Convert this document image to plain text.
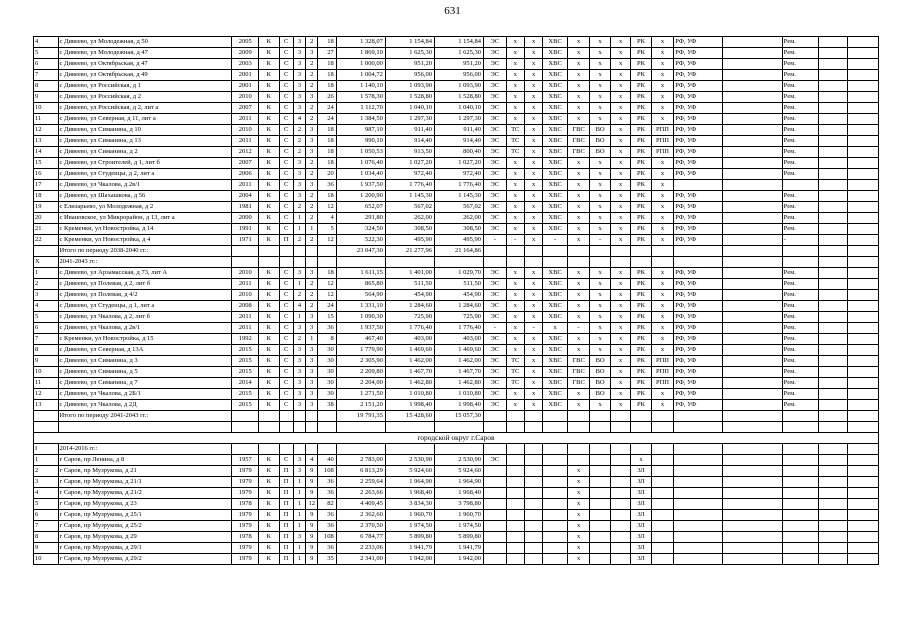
631
4	с Дивеево, ул Молодежная, д 50	2005	К	С	3	2	18	1 328,07	1 154,84	1 154,84	ЭС	х	х	ХВС	х	х	х	РК	х	РФ, УФ		Рем.		
5	с Дивеево, ул Молодежная, д 47	2009	К	С	3	3	27	1 869,10	1 625,30	1 625,30	ЭС	х	х	ХВС	х	х	х	РК	х	РФ, УФ		Рем.		
6	с Дивеево, ул Октябрьская, д 47	2003	К	С	3	2	18	1 000,00	951,20	951,20	ЭС	х	х	ХВС	х	х	х	РК	х	РФ, УФ		Рем.		
7	с Дивеево, ул Октябрьская, д 49	2001	К	С	3	2	18	1 004,72	956,00	956,00	ЭС	х	х	ХВС	х	х	х	РК	х	РФ, УФ		Рем.		
8	с Дивеево, ул Российская, д 1	2001	К	С	3	2	18	1 140,10	1 093,90	1 093,90	ЭС	х	х	ХВС	х	х	х	РК	х	РФ, УФ		Рем.		
9	с Дивеево, ул Российская, д 2	2010	К	С	3	3	26	1 578,30	1 528,80	1 528,80	ЭС	х	х	ХВС	х	х	х	РК	х	РФ, УФ		Рем.		
10	с Дивеево, ул Российская, д 2, лит а	2007	К	С	3	2	24	1 112,70	1 040,10	1 040,10	ЭС	х	х	ХВС	х	х	х	РК	х	РФ, УФ		Рем.		
11	с Дивеево, ул Северная, д 11, лит а	2011	К	С	4	2	24	1 384,50	1 297,30	1 297,30	ЭС	х	х	ХВС	х	х	х	РК	х	РФ, УФ		Рем.		
12	с Дивеево, ул Симанина, д 10	2010	К	С	2	3	18	987,10	911,40	911,40	ЭС	ТС	х	ХВС	ГВС	ВО	х	РК	РПП	РФ, УФ		Рем.		
13	с Дивеево, ул Симанина, д 13	2011	К	С	2	3	18	990,10	914,40	914,40	ЭС	ТС	х	ХВС	ГВС	ВО	х	РК	РПП	РФ, УФ		Рем.		
14	с Дивеево, ул Симанина, д 2	2012	К	С	2	3	18	1 050,53	913,50	800,40	ЭС	ТС	х	ХВС	ГВС	ВО	х	РК	РПП	РФ, УФ		Рем.		
15	с Дивеево, ул Строителей, д 1, лит б	2007	К	С	3	2	18	1 076,40	1 027,20	1 027,20	ЭС	х	х	ХВС	х	х	х	РК	х	РФ, УФ		Рем.		
16	с Дивеево, ул Студенцы, д 2, лит а	2006	К	С	3	2	20	1 034,40	972,40	972,40	ЭС	х	х	ХВС	х	х	х	РК	х	РФ, УФ		Рем.		
17	с Дивеево, ул Чкалова, д 2в/1	2011	К	С	3	3	36	1 937,50	1 776,40	1 776,40	ЭС	х	х	ХВС	х	х	х	РК	х					
18	с Дивеево, ул Шахашкова, д 56	2004	К	С	3	2	18	1 200,90	1 145,30	1 145,30	ЭС	х	х	ХВС	х	х	х	РК	х	РФ, УФ		Рем.		
19	с Елизарьево, ул Молодежная, д 2	1981	К	С	2	2	12	652,07	567,02	567,02	ЭС	х	х	ХВС	х	х	х	РК	х	РФ, УФ		Рем.		
20	с Ивановское, ул Микрорайон, д 13, лит а	2000	К	С	1	2	4	291,80	262,00	262,00	ЭС	х	х	ХВС	х	х	х	РК	х	РФ, УФ		Рем.		
21	с Кременки, ул Новостройка, д 14	1991	К	С	1	1	5	324,50	308,50	308,50	ЭС	х	х	ХВС	х	х	х	РК	х	РФ, УФ		Рем.		
22	с Кременки, ул Новостройка, д 4	1971	К	П	2	2	12	522,30	495,90	495,90	-	-	х	-	х	-	х	РК	х	РФ, УФ		-		
	Итого по периоду 2038-2040 гг.:							23 047,30	21 277,96	21 164,86														
Х	2041-2043 гг.:																							
1	с Дивеево, ул Арзамасская, д 73, лит А	2010	К	С	3	3	18	1 611,15	1 401,00	1 029,70	ЭС	х	х	ХВС	х	х	х	РК	х	РФ, УФ		Рем.		
2	с Дивеево, ул Полевая, д 2, лит б	2011	К	С	1	2	12	865,80	511,50	511,50	ЭС	х	х	ХВС	х	х	х	РК	х	РФ, УФ		Рем.		
3	с Дивеево, ул Полевая, д 4/2	2010	К	С	2	2	12	564,90	454,90	454,90	ЭС	х	х	ХВС	х	х	х	РК	х	РФ, УФ		Рем.		
4	с Дивеево, ул Студенцы, д 1, лит а	2008	К	С	4	2	24	1 331,10	1 284,60	1 284,60	ЭС	х	х	ХВС	х	х	х	РК	х	РФ, УФ		Рем.		
5	с Дивеево, ул Чкалова, д 2, лит б	2011	К	С	1	3	15	1 090,30	725,90	725,90	ЭС	х	х	ХВС	х	х	х	РК	х	РФ, УФ		Рем.		
6	с Дивеево, ул Чкалова, д 2в/1	2011	К	С	3	3	36	1 937,50	1 776,40	1 776,40	-	х	-	х	-	х	х	РК	х	РФ, УФ		Рем.		
7	с Кременки, ул Новостройка, д 15	1992	К	С	2	1	8	467,40	403,00	403,00	ЭС	х	х	ХВС	х	х	х	РК	х	РФ, УФ		Рем.		
8	с Дивеево, ул Северная, д 13А	2015	К	С	3	3	30	1 779,90	1 469,60	1 469,60	ЭС	х	х	ХВС	х	х	х	РК	х	РФ, УФ		Рем.		
9	с Дивеево, ул Симанина, д 3	2015	К	С	3	3	30	2 305,90	1 462,00	1 462,00	ЭС	ТС	х	ХВС	ГВС	ВО	х	РК	РПП	РФ, УФ		Рем.		
10	с Дивеево, ул Симанина, д 5	2015	К	С	3	3	30	2 209,80	1 467,70	1 467,70	ЭС	ТС	х	ХВС	ГВС	ВО	х	РК	РПП	РФ, УФ		Рем.		
11	с Дивеево, ул Симанина, д 7	2014	К	С	3	3	30	2 204,00	1 462,80	1 462,80	ЭС	ТС	х	ХВС	ГВС	ВО	х	РК	РПП	РФ, УФ		Рем.		
12	с Дивеево, ул Чкалова, д 2Б/1	2015	К	С	3	3	30	1 271,50	1 010,80	1 010,80	ЭС	х	х	ХВС	х	ВО	х	РК	х	РФ, УФ		Рем.		
13	с Дивеево, ул Чкалова, д 2Д	2015	К	С	3	3	38	2 151,20	1 998,40	1 998,40	ЭС	х	х	ХВС	х	х	х	РК	х	РФ, УФ		Рем.		
	Итого по периоду 2041-2043 гг.:							19 791,35	15 428,60	15 057,30														

городской округ г.Саров																								
I	2014-2016 гг.:																							
1	г Саров, пр Ленина, д 8	1957	К	С	3	4	40	2 783,00	2 530,90	2 530,90	ЭС							х						
2	г Саров, пр Музрукова, д 21	1979	К	П	3	9	108	6 813,29	5 924,60	5 924,60					х			ЗЛ						
3	г Саров, пр Музрукова, д 21/1	1979	К	П	1	9	36	2 259,64	1 964,90	1 964,90					х			ЗЛ						
4	г Саров, пр Музрукова, д 21/2	1979	К	П	1	9	36	2 263,66	1 968,40	1 968,40					х			ЗЛ						
5	г Саров, пр Музрукова, д 23	1978	К	П	1	12	82	4 409,45	3 834,30	3 798,80					х			ЗЛ						
6	г Саров, пр Музрукова, д 25/1	1979	К	П	1	9	36	2 362,60	1 960,70	1 960,70					х			ЗЛ						
7	г Саров, пр Музрукова, д 25/2	1979	К	П	1	9	36	2 370,50	1 974,50	1 974,50					х			ЗЛ						
8	г Саров, пр Музрукова, д 29	1978	К	П	3	9	108	6 784,77	5 899,80	5 899,80					х			ЗЛ						
9	г Саров, пр Музрукова, д 29/1	1979	К	П	1	9	36	2 233,06	1 941,79	1 941,79					х			ЗЛ						
10	г Саров, пр Музрукова, д 29/2	1979	К	П	1	9	35	2 341,00	1 942,00	1 942,00					х			ЗЛ						
